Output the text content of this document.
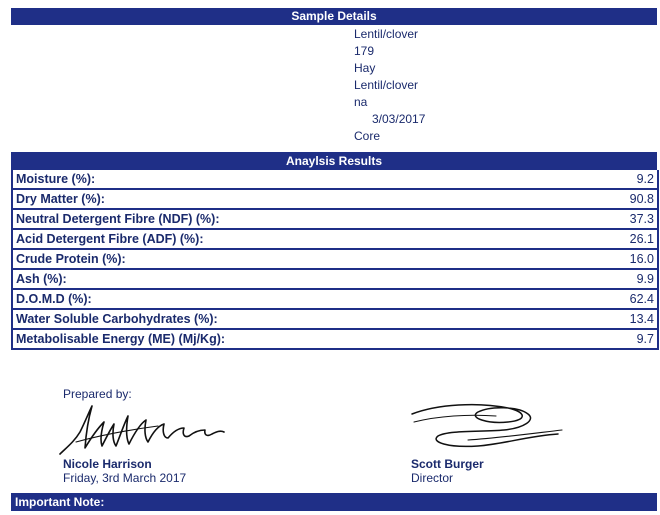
Sample Details
Lentil/clover
179
Hay
Lentil/clover
na
3/03/2017
Core
Anaylsis Results
Moisture (%):	9.2
Dry Matter (%):	90.8
Neutral Detergent Fibre (NDF) (%):	37.3
Acid Detergent Fibre (ADF) (%):	26.1
Crude Protein (%):	16.0
Ash (%):	9.9
D.O.M.D (%):	62.4
Water Soluble Carbohydrates (%):	13.4
Metabolisable Energy (ME) (Mj/Kg):	9.7
Prepared by:
Nicole Harrison
Friday, 3rd March 2017
Scott Burger
Director
Important Note:
